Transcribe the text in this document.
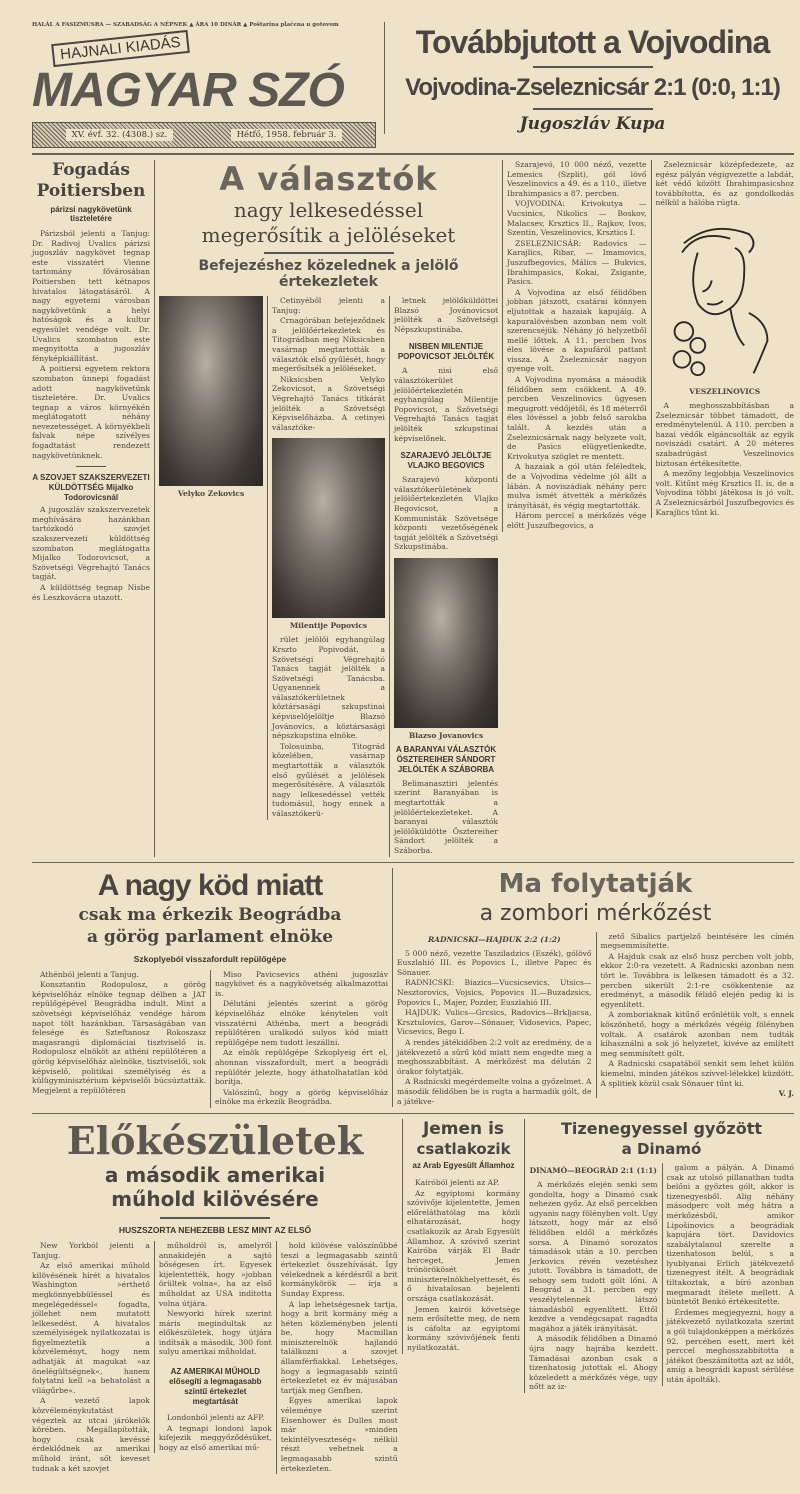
HALÁL A FASIZMUSRA — SZABADSÁG A NÉPNEK ▲ ÁRA 10 DINÁR ▲ Poštarina plaćena u gotovom
HAJNALI KIADÁS
MAGYAR SZÓ
XV. évf. 32. (4308.) sz.	Hétfő, 1958. február 3.
Továbbjutott a Vojvodina
Vojvodina-Zseleznicsár 2:1 (0:0, 1:1)
Jugoszláv Kupa
Fogadás Poitiersben
párizsi nagykövetünk tiszteletére

Párizsból jelenti a Tanjug: Dr. Radivoj Uvalics párizsi jugoszláv nagykövet tegnap este visszatért Vienne tartomány fővárosában Poitiersben tett kétnapos hivatalos látogatásáról. A nagy egyetemi városban nagykövetünk a helyi hatóságok és a kultur egyesület vendége volt. Dr. Uvalics szombaton este megnyitotta a jugoszláv fényképkiállítást.

A poitiersi egyetem rektora szombaton ünnepi fogadást adott nagykövetünk tiszteletére. Dr. Uvalics tegnap a város környékén meglátogatott néhány nevezetességet. A környékbeli falvak népe szívélyes fogadtatást rendezett nagykövetünknek.

A SZOVJET SZAKSZERVEZETI KÜLDÖTTSÉG Mijalko Todorovicsnál

A jugoszláv szakszervezetek meghívására hazánkban tartózkodó szovjet szakszervezeti küldöttség szombaton meglátogatta Mijalko Todorovicsot, a Szövetségi Végrehajtó Tanács tagját.

A küldöttség tegnap Nisbe és Leszkovácra utazott.

A választók
nagy lelkesedéssel
megerősítik a jelöléseket
Befejezéshez közelednek a jelölő értekezletek
Velyko Zekovics

Cetinyéből jelenti a Tanjug:

Crnagórában befejeződnek a jelölőértekezletek és Titográdban meg Niksicsben vasárnap megtartották a választók első gyűlését, hogy megerősítsék a jelöléseket.

Niksicsben Velyko Zekovicsot, a Szövetségi Végrehajtó Tanács titkárát jelölték a Szövetségi Képviselőházba. A cetinyei választóke-

Milentije Popovics

rület jelölői egyhangúlag Krszto Popivodát, a Szövetségi Végrehajtó Tanács tagját jelölték a Szövetségi Tanácsba. Ugyanennek a választókerületnek köztársasági szkupstinai képviselőjelöltje Blazsó Jovánovics, a köztársasági népszkupstina elnöke.

Tolosuinba, Titográd közelében, vasárnap megtartották a választók első gyűlését a jelölések megerősítésére. A választók nagy lelkesedéssel vették tudomásul, hogy ennek a választókerü-

letnek jelölőküldöttei Blazsó Jovánovicsot jelölték a Szövetségi Népszkupstinába.

NISBEN MILENTIJE POPOVICSOT JELÖLTÉK

A nisi első választókerület jelölőértekezletén egyhangúlag Milentije Popovicsot, a Szövetségi Végrehajtó Tanács tagját jelölték szkupstinai képviselőnek.

SZARAJEVÓ JELÖLTJE VLAJKO BEGOVICS

Szarajevó központi választókerületének jelölőértekezletén Vlajko Begovicsot, a Kommunisták Szövetsége központi vezetőségének tagját jelölték a Szövetségi Szkupstinába.

Blazso Jovanovics
A BARANYAI VÁLASZTÓK ÖSZTEREIHER SÁNDORT JELÖLTÉK A SZÁBORBA

Belimanasztiri jelentés szerint Baranyában is megtartották a jelölőértekezleteket. A baranyai választók jelölőküldötte Ösztereiher Sándort jelölték a Száborba.

Szarajevó, 10 000 néző, vezette Lemesics (Szplit), gól lövő Veszelinovics a 49. és a 110., illetve Ibrahimpasics a 87. percben.

VOJVODINA: Krivokutya — Vucsinics, Nikolics — Boskov, Malacsev, Krsztics II., Rajkov, Ivos, Szentin, Veszelinovics, Krsztics I.

ZSELEZNICSÁR: Radovics — Karajlics, Ribar, — Imamovics, Juszufbegovics, Málics — Bukvics, Ibrahimpasics, Kokai, Zsigante, Pasics.

A Vojvodina az első félidőben jobban játszott, csatárai könnyen eljutottak a hazaiak kapujáig. A kapuralövésben azonban nem volt szerencséjük. Néhány jó helyzetből mellé lőttek. A 11. percben Ivos éles lövése a kapufáról pattant vissza. A Zseleznicsár nagyon gyenge volt.

A Vojvodina nyomása a második félidőben sem csökkent. A 49. percben Veszelinovics ügyesen megugrott védőjétől, és 18 méterről éles lövéssel a jobb felső sarokba talált. A kezdés után a Zseleznicsárnak nagy helyzete volt, de Pasics elügyetlenkedte, Krivokutya szöglet re mentett.

A hazaiak a gól után feléledtek, de a Vojvodina védelme jól állt a lábán. A noviszádiak néhány perc mulva ismét átvették a mérkőzés irányítását, és végig megtartották.

Három perccel a mérkőzés vége előtt Juszufbegovics, a

Zseleznicsár középfedezete, az egész pályán végigvezette a labdát, két védő között Ibrahimpasicshoz továbbította, és az gondolkodás nélkül a hálóba rúgta.

VESZELINOVICS

A meghosszabbításban a Zseleznicsár többet támadott, de eredménytelenül. A 110. percben a hazai védők elgáncsolták az egyik noviszádi csatárt. A 20 méteres szabadrúgást Veszelinovics biztosan értékesítette.

A mezőny legjobbja Veszelinovics volt. Kitűnt még Krsztics II. is, de a Vojvodina többi játékosa is jó volt. A Zseleznicsárból Juszufbegovics és Karajlics tűnt ki.

A nagy köd miatt
csak ma érkezik Beográdba
a görög parlament elnöke
Szkoplyeból visszafordult repülőgépe

Athénból jelenti a Tanjug.

Konsztantin Rodopulosz, a görög képviselőház elnöke tegnap délben a JAT repülőgépével Beográdba indult. Mint a szövetségi képviselőház vendége három napot tölt hazánkban. Társaságában van felesége és Szteftanosz Rokoszasz magasrangú diplomáciai tisztviselő is. Rodopulosz elnököt az athéni repülőtéren a görög képviselőház alelnöke, tisztviselői, sok képviselő, politikai személyiség és a külügyminisztérium képviselői búcsúztatták. Megjelent a repülőtéren

Miso Pavicsevics athéni jugoszláv nagykövet és a nagykövetség alkalmazottai is.

Délutáni jelentés szerint a görög képviselőház elnöke kénytelen volt visszatérni Athénba, mert a beográdi repülőtéren uralkodó sulyos köd miatt repülőgépe nem tudott leszállni.

Az elnök repülőgépe Szkoplyeig ért el, ahonnan visszafordult, mert a beográdi repülőtér jelezte, hogy áthatolhatatlan köd borítja.

Valószínű, hogy a görög képviselőház elnöke ma érkezik Beográdba.

Ma folytatják
a zombori mérkőzést
RADNICSKI—HAJDUK 2:2 (1:2)

5 000 néző, vezette Tasziladzics (Eszék), gólövő Euszlahió III. és Popovics I., illetve Papec és Sönauer.

RADNICSKI: Biazics—Vucsicsevics, Utsics—Nesztorovics, Vojsics, Popovics II.—Buzadzsics, Popovics I., Majer, Pozder, Euszlahió III.

HAJDUK: Vulics—Grcsics, Radovics—Brkljacsa, Krsztulovics, Garov—Sönauer, Vidosevics, Papec, Vicsevics, Bego I.

A rendes játékidőben 2:2 volt az eredmény, de a játékvezető a sűrű köd miatt nem engedte meg a meghosszabbítást. A mérkőzést ma délután 2 órakor folytatják.

A Radnicski megérdemelte volna a győzelmet. A második félidőben be is rugta a harmadik gólt, de a játékve-

zető Sibalics partjelző beintésére les címén megsemmisítette.

A Hajduk csak az első husz percben volt jobb, ekkor 2:0-ra vezetett. A Radnicski azonban nem tört le. Továbbra is lelkesen támadott és a 32. percben sikerült 2:1-re csökkentenie az eredményt, a második félidő elején pedig ki is egyenlített.

A zomboriaknak kitűnő erőnlétük volt, s ennek köszönhető, hogy a mérkőzés végéig fölényben voltak. A csatárok azonban nem tudták kihasználni a sok jó helyzetet, kivéve az említett meg semmisített gólt.

A Radnicski csapatából senkit sem lehet külön kiemelni, minden játékos szívvel-lélekkel küzdött. A splitiek közül csak Sönauer tűnt ki.

V. J.
Előkészületek
a második amerikai
műhold kilövésére
HUSZSZORTA NEHEZEBB LESZ MINT AZ ELSŐ

New Yorkból jelenti a Tanjug.

Az első amerikai műhold kilövésének hírét a hivatalos Washington »érthető megkönnyebbüléssel és megelégedéssel« fogadta, jóllehet nem mutatott lelkesedést. A hivatalos személyiségek nyilatkozatai is figyelmeztetik a közvéleményt, hogy nem adhatják át magukat »az önelégültségnek«, hanem folytatni kell »a behatolást a világűrbe«.

A vezető lapok közvéleménykutatást végeztek az utcai járókelők körében. Megállapították, hogy csak kevéssé érdeklődnek az amerikai műhold iránt, sőt keveset tudnak a két szovjet

műholdról is, amelyről annakidején a sajtó bőségesen írt. Egyesek kijelentették, hogy »jobban örültek volna«, ha az első műholdat az USA indította volna útjára.

Newyorki hírek szerint máris megindultak az előkészületek, hogy útjára indítsák a második, 300 font sulyu amerikai műholdat.

AZ AMERIKAI MŰHOLD elősegíti a legmagasabb szintű értekezlet megtartását

Londonból jelenti az AFP.

A tegnapi londoni lapok kifejezik meggyőződésüket, hogy az első amerikai mű-

hold kilövése valószínűbbé teszi a legmagasabb szintű értekezlet összehívását. Így vélekednek a kérdésről a brit kormánykörök — írja a Sunday Express.

A lap lehetségesnek tartja, hogy a brit kormány még a héten közleményben jelenti be, hogy Macmillan miniszterelnök hajlandó találkozni a szovjet államférfiakkal. Lehetséges, hogy a legmagasabb szintű értekezletet ez év májusában tartják meg Genfben.

Egyes amerikai lapok véleménye szerint Eisenhower és Dulles most már »minden tekintélyveszteség« nélkül részt vehetnek a legmagasabb szintű értekezleten.

Jemen is
csatlakozik
az Arab Egyesült Államhoz

Kairóból jelenti az AP.

Az egyiptomi kormány szóvivője kijelentette, Jemen előreláthatólag ma közli elhatározását, hogy csatlakozik az Arab Egyesült Államhoz. A szóvivő szerint Kairóba várják El Badr herceget, Jemen trónörökösét és miniszterelnökhelyettesét, és ő hivatalosan bejelenti országa csatlakozását.

Jemen kairói követsége nem erősítette meg, de nem is cáfolta az egyiptomi kormány szóvivőjének fenti nyilatkozatát.

Tizenegyessel győzött
a Dinamó
DINAMÓ—BEOGRÁD 2:1 (1:1)

A mérkőzés elején senki sem gondolta, hogy a Dinamó csak nehezen győz. Az első percekben ugyanis nagy fölényben volt. Ugy látszott, hogy már az első félidőben eldől a mérkőzés sorsa. A Dinamó sorozatos támadások után a 10. percben Jerkovics révén vezetéshez jutott. Továbbra is támadott, de sehogy sem tudott gólt lőni. A Beográd a 31. percben egy veszélytelennek látszó támadásból egyenlített. Ettől kezdve a vendégcsapat ragadta magához a játék irányítását.

A második félidőben a Dinamó újra nagy hajrába kezdett. Támadásai azonban csak a tizenhatosig jutottak el. Ahogy közeledett a mérkőzés vége, ugy nőtt az iz-

galom a pályán. A Dinamó csak az utolsó pillanatban tudta belőni a győztes gólt, akkor is tizenegyesből. Alig néhány másodperc volt még hátra a mérkőzésből, amikor Lipošinovics a beográdiak kapujára tört. Davidovics szabálytalanul szerelte a tizenhatoson belül, s a lyublyanai Erlich játékvezető tizenegyest ítélt. A beográdiak tiltakoztak, a bíró azonban megmaradt ítélete mellett. A büntetőt Benkó értékesítette.

Érdemes megjegyezni, hogy a játékvezető nyilatkozata szerint a gól tulajdonképpen a mérkőzés 92. percében esett, mert két perccel meghosszabbította a játékot (beszámította azt az időt, amíg a beográdi kapust sérülése után ápolták).
